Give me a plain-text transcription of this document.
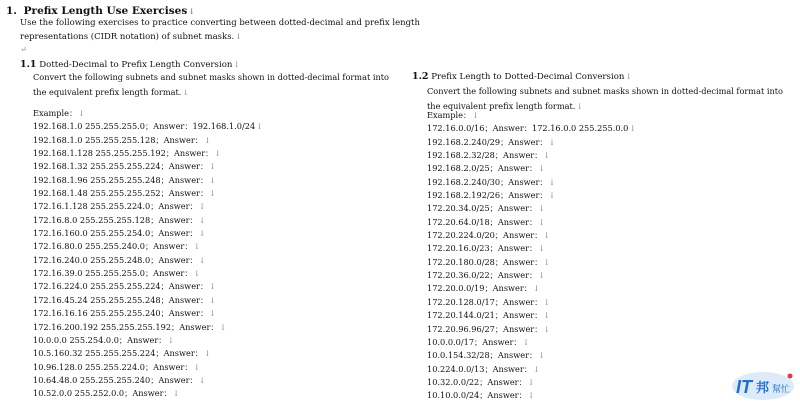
1. Prefix Length Use Exercises↓
Use the following exercises to practice converting between dotted-decimal and prefix length
representations (CIDR notation) of subnet masks.↓
↵
1.1 Dotted-Decimal to Prefix Length Conversion↓
Convert the following subnets and subnet masks shown in dotted-decimal format into the equivalent prefix length format.↓
Example：↓
192.168.1.0 255.255.255.0；Answer：192.168.1.0/24↓
192.168.1.0 255.255.255.128；Answer：↓
192.168.1.128 255.255.255.192；Answer：↓
192.168.1.32 255.255.255.224；Answer：↓
192.168.1.96 255.255.255.248；Answer：↓
192.168.1.48 255.255.255.252；Answer：↓
172.16.1.128 255.255.224.0；Answer：↓
172.16.8.0 255.255.255.128；Answer：↓
172.16.160.0 255.255.254.0；Answer：↓
172.16.80.0 255.255.240.0；Answer：↓
172.16.240.0 255.255.248.0；Answer：↓
172.16.39.0 255.255.255.0；Answer：↓
172.16.224.0 255.255.255.224；Answer：↓
172.16.45.24 255.255.255.248；Answer：↓
172.16.16.16 255.255.255.240；Answer：↓
172.16.200.192 255.255.255.192；Answer：↓
10.0.0.0 255.254.0.0；Answer：↓
10.5.160.32 255.255.255.224；Answer：↓
10.96.128.0 255.255.224.0；Answer：↓
10.64.48.0 255.255.255.240；Answer：↓
10.52.0.0 255.252.0.0；Answer：↓
1.2 Prefix Length to Dotted-Decimal Conversion↓
Convert the following subnets and subnet masks shown in dotted-decimal format into the equivalent prefix length format.↓
Example：↓
172.16.0.0/16；Answer：172.16.0.0 255.255.0.0↓
192.168.2.240/29；Answer：↓
192.168.2.32/28；Answer：↓
192.168.2.0/25；Answer：↓
192.168.2.240/30；Answer：↓
192.168.2.192/26；Answer：↓
172.20.34.0/25；Answer：↓
172.20.64.0/18；Answer：↓
172.20.224.0/20；Answer：↓
172.20.16.0/23；Answer：↓
172.20.180.0/28；Answer：↓
172.20.36.0/22；Answer：↓
172.20.0.0/19；Answer：↓
172.20.128.0/17；Answer：↓
172.20.144.0/21；Answer：↓
172.20.96.96/27；Answer：↓
10.0.0.0/17；Answer：↓
10.0.154.32/28；Answer：↓
10.224.0.0/13；Answer：↓
10.32.0.0/22；Answer：↓
10.10.0.0/24；Answer：↓	IT 邦 幫忙
